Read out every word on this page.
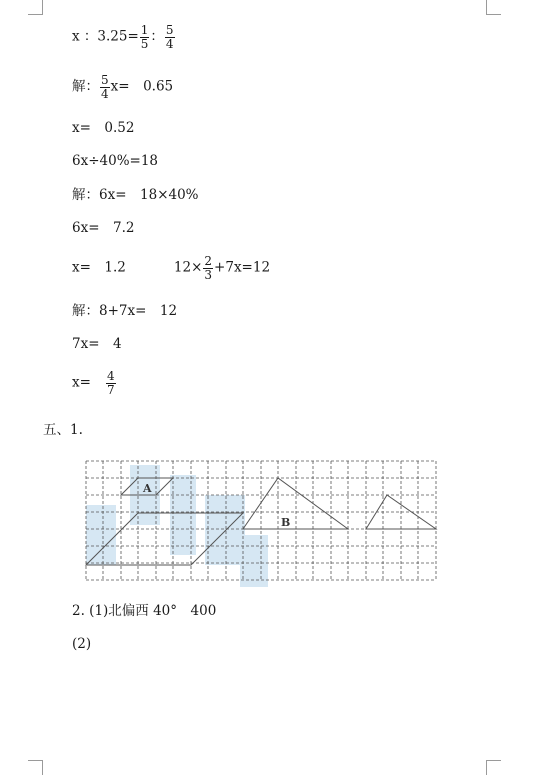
x ：$3.25= \frac{1}{5}$ ： $\frac{5}{4}$
解： $\frac{5}{4} x=$　0.65
x=　0.52
6x÷40%=18
解：6x=　18×40%
6x=　7.2
x=　1.2	$12\times \frac{2}{3} +7x=12$
解：8+7x=　12
7x=　4
$x= \frac{4}{7}$
五、1.
A
B
2. (1)北偏西 40°　400
(2)
